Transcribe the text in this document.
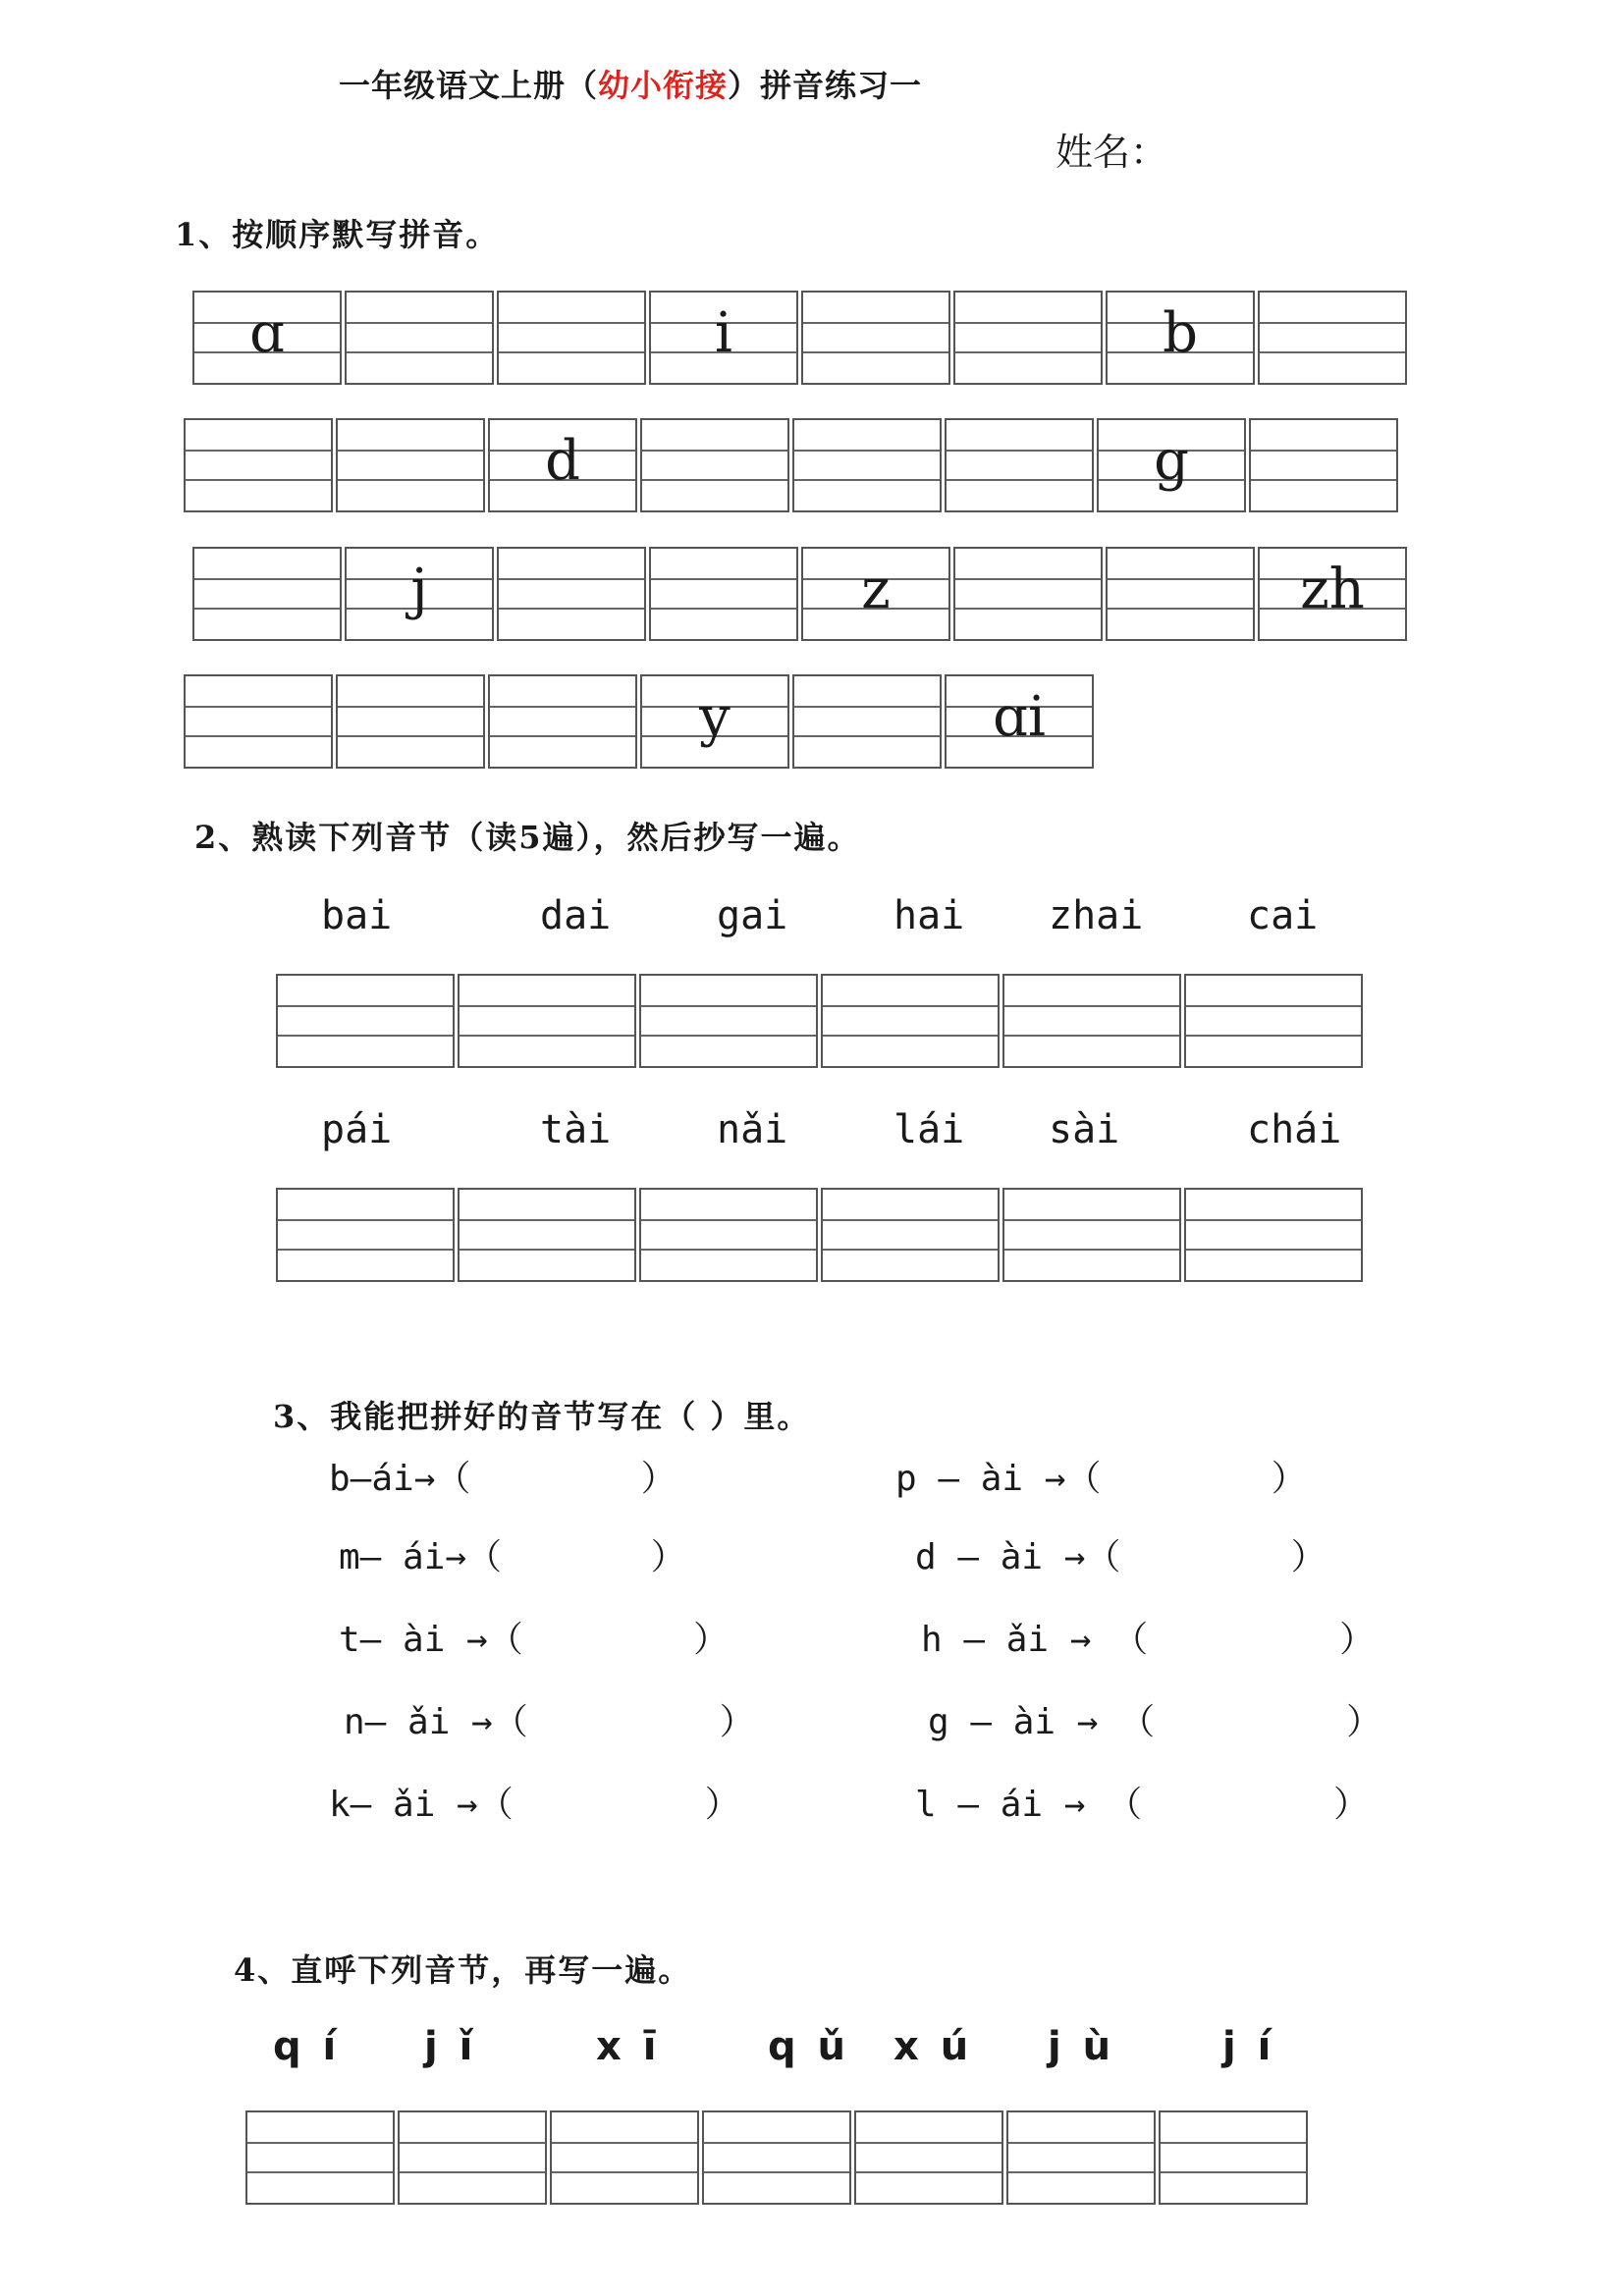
一年级语文上册（幼小衔接）拼音练习一
姓名：
1、按顺序默写拼音。
ɑ	i	b
d	g
j	z	zh
y	ɑi
2、熟读下列音节（读5遍），然后抄写一遍。
bai	dai	gai	hai zhai	cai
pái	tài	nǎi	lái sài	chái
3、我能把拼好的音节写在（ ）里。
b—ái→（        ）
m— ái→（       ）
t— ài →（        ）
n— ǎi →（         ）
k— ǎi →（         ）
p — ài →（        ）
d — ài →（        ）
h — ǎi → （         ）
g — ài → （         ）
l — ái → （         ）
4、直呼下列音节，再写一遍。
q í j ǐ	x ī	q ǔ x ú j ù	j í
